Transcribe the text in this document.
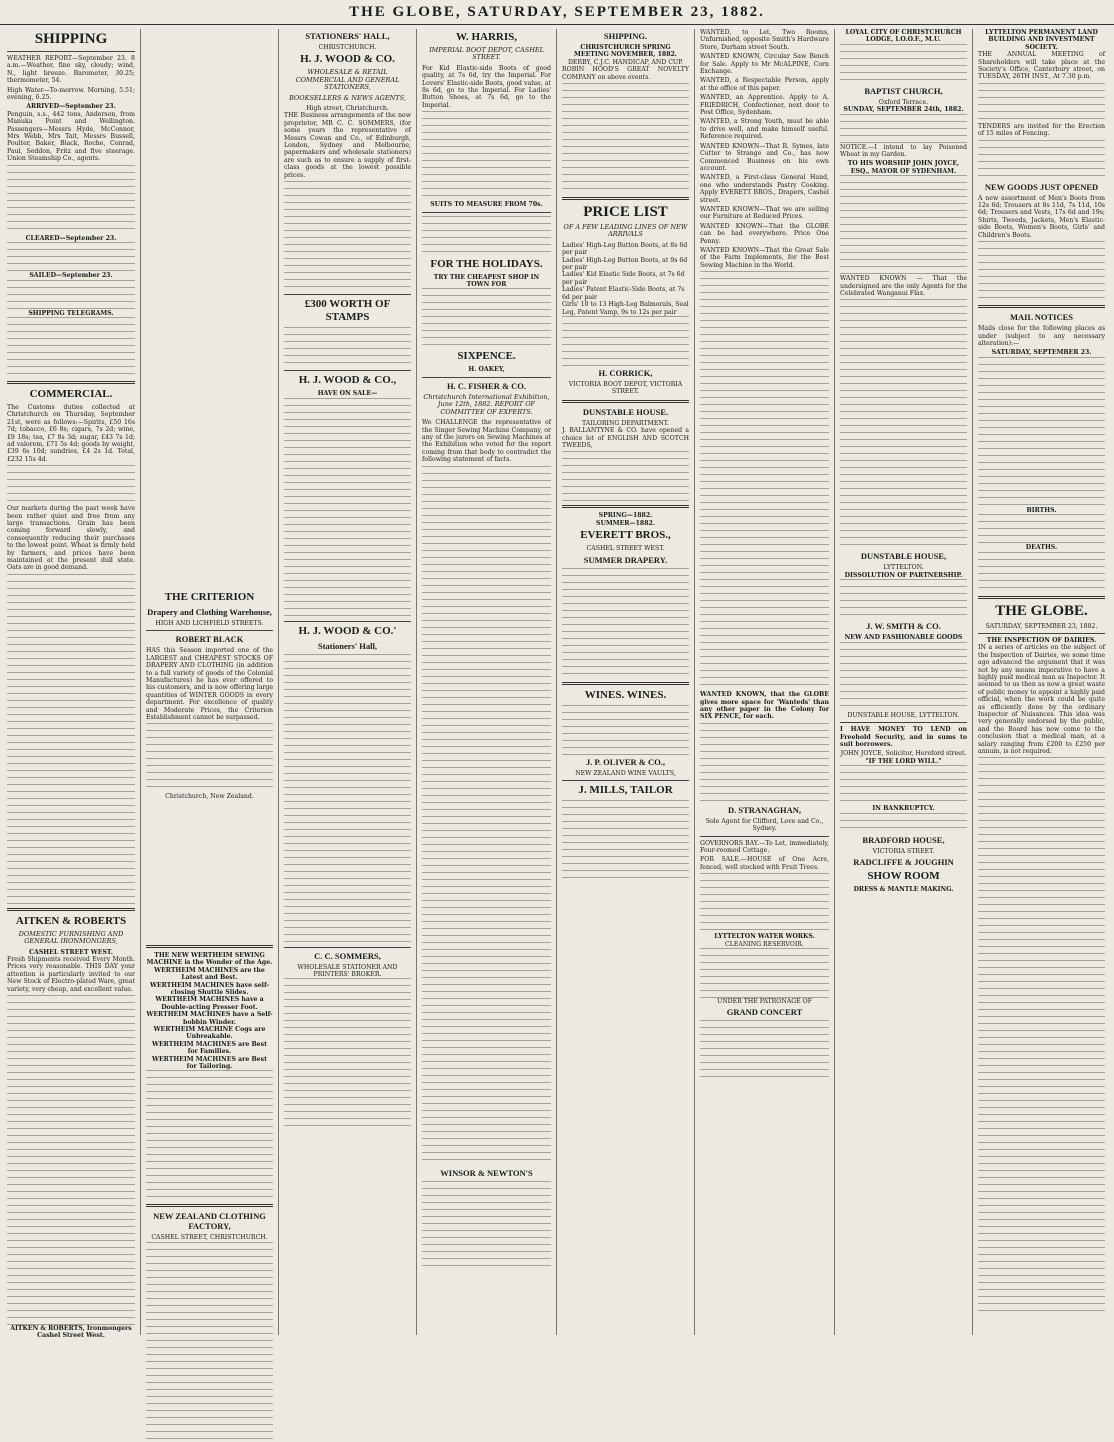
THE GLOBE, SATURDAY, SEPTEMBER 23, 1882.
SHIPPING

WEATHER REPORT—September 23. 8 a.m.—Weather, fine sky, cloudy; wind, N., light breeze. Barometer, 30.25; thermometer, 54.

High Water—To-morrow. Morning, 5.51; evening, 6.25.

ARRIVED—September 23.

Penguin, s.s., 442 tons, Anderson, from Manuka Point and Wellington. Passengers—Messrs Hyde, McConnor, Mrs Webb, Mrs Tait, Messrs Bussell, Poulter, Baker, Black, Roche, Conrad, Paul, Seddon, Fritz and five steerage. Union Steamship Co., agents.

CLEARED—September 23.
SAILED—September 23.
SHIPPING TELEGRAMS.
COMMERCIAL.

The Customs duties collected at Christchurch on Thursday, September 21st, were as follows:—Spirits, £50 16s 7d; tobacco, £6 8s; cigars, 7s 2d; wine, £9 18s; tea, £7 8s 3d; sugar, £43 7s 1d; ad valorem, £71 5s 4d; goods by weight, £39 6s 10d; sundries, £4 2s 1d. Total, £232 15s 4d.

Our markets during the past week have been rather quiet and free from any large transactions. Grain has been coming forward slowly, and consequently reducing their purchases to the lowest point. Wheat is firmly held by farmers, and prices have been maintained at the present dull state. Oats are in good demand.

AITKEN & ROBERTS
DOMESTIC FURNISHING AND GENERAL IRONMONGERS,
CASHEL STREET WEST.

Fresh Shipments received Every Month. Prices very reasonable. THIS DAY your attention is particularly invited to our New Stock of Electro-plated Ware, great variety, very cheap, and excellent value.

AITKEN & ROBERTS, Ironmongers Cashel Street West.
THE CRITERION
Drapery and Clothing Warehouse,
HIGH AND LICHFIELD STREETS.
ROBERT BLACK

HAS this Season imported one of the LARGEST and CHEAPEST STOCKS OF DRAPERY AND CLOTHING (in addition to a full variety of goods of the Colonial Manufactures) he has ever offered to his customers, and is now offering large quantities of WINTER GOODS in every department. For excellence of quality and Moderate Prices, the Criterion Establishment cannot be surpassed.

Christchurch, New Zealand.
THE NEW WERTHEIM SEWING MACHINE is the Wonder of the Age.
WERTHEIM MACHINES are the Latest and Best.
WERTHEIM MACHINES have self-closing Shuttle Slides.
WERTHEIM MACHINES have a Double-acting Presser Foot.
WERTHEIM MACHINES have a Self-bobbin Winder.
WERTHEIM MACHINE Cogs are Unbreakable.
WERTHEIM MACHINES are Best for Families.
WERTHEIM MACHINES are Best for Tailoring.
NEW ZEALAND CLOTHING FACTORY,
CASHEL STREET, CHRISTCHURCH.
STATIONERS' HALL,
CHRISTCHURCH.
H. J. WOOD & CO.
WHOLESALE & RETAIL COMMERCIAL AND GENERAL STATIONERS,
BOOKSELLERS & NEWS AGENTS,
High street, Christchurch.

THE Business arrangements of the new proprietor, MR C. C. SOMMERS, (for some years the representative of Messrs Cowan and Co., of Edinburgh, London, Sydney and Melbourne, papermakers and wholesale stationers) are such as to ensure a supply of first-class goods at the lowest possible prices.

£300 WORTH OF STAMPS
H. J. WOOD & CO.,
HAVE ON SALE—
H. J. WOOD & CO.'
Stationers' Hall,
C. C. SOMMERS,
WHOLESALE STATIONER AND PRINTERS' BROKER.
W. HARRIS,
IMPERIAL BOOT DEPOT, CASHEL STREET.

For Kid Elastic-side Boots of good quality, at 7s 6d, try the Imperial. For Lovers' Elastic-side Boots, good value, at 8s 6d, go to the Imperial. For Ladies' Button Shoes, at 7s 6d, go to the Imperial.

SUITS TO MEASURE FROM 70s.
FOR THE HOLIDAYS.
TRY THE CHEAPEST SHOP IN TOWN FOR
SIXPENCE.
H. OAKEY,
H. C. FISHER & CO.
Christchurch International Exhibition, June 12th, 1882. REPORT OF COMMITTEE OF EXPERTS.

We CHALLENGE the representative of the Singer Sewing Machine Company, or any of the jurors on Sewing Machines at the Exhibition who voted for the report coming from that body to contradict the following statement of facts.

WINSOR & NEWTON'S
SHIPPING.
CHRISTCHURCH SPRING MEETING NOVEMBER, 1882.
DERBY, C.J.C. HANDICAP, AND CUP.

ROBIN HOOD'S GREAT NOVELTY COMPANY on above events.

PRICE LIST
OF A FEW LEADING LINES OF NEW ARRIVALS
Ladies' High-Leg Button Boots, at 8s 6d per pair
Ladies' High-Leg Button Boots, at 9s 6d per pair
Ladies' Kid Elastic Side Boots, at 7s 6d per pair
Ladies' Patent Elastic-Side Boots, at 7s 6d per pair
Girls' 10 to 13 High-Leg Balmorals, Seal Leg, Patent Vamp, 9s to 12s per pair
H. CORRICK,
VICTORIA BOOT DEPOT, VICTORIA STREET.
DUNSTABLE HOUSE.
TAILORING DEPARTMENT.

J. BALLANTYNE & CO. have opened a choice lot of ENGLISH AND SCOTCH TWEEDS,

SPRING—1882.
SUMMER—1882.
EVERETT BROS.,
CASHEL STREET WEST.
SUMMER DRAPERY.
WINES. WINES.
J. P. OLIVER & CO.,
NEW ZEALAND WINE VAULTS,
J. MILLS, TAILOR

WANTED, to Let, Two Rooms, Unfurnished, opposite Smith's Hardware Store, Durham street South.

WANTED KNOWN, Circular Saw Bench for Sale. Apply to Mr McALPINE, Corn Exchange.

WANTED, a Respectable Person, apply at the office of this paper.

WANTED, an Apprentice. Apply to A. FRIEDRICH, Confectioner, next door to Post Office, Sydenham.

WANTED, a Strong Youth, must be able to drive well, and make himself useful. Reference required.

WANTED KNOWN—That R. Symes, late Cutter to Strange and Co., has now Commenced Business on his own account.

WANTED, a First-class General Hand, one who understands Pastry Cooking. Apply EVERETT BROS., Drapers, Cashel street.

WANTED KNOWN—That we are selling our Furniture at Reduced Prices.

WANTED KNOWN—That the GLOBE can be had everywhere. Price One Penny.

WANTED KNOWN—That the Great Sale of the Farm Implements, for the Best Sewing Machine in the World.

WANTED KNOWN, that the GLOBE gives more space for 'Wanteds' than any other paper in the Colony for SIX PENCE, for each.

D. STRANAGHAN,
Sole Agent for Clifford, Love and Co., Sydney.

GOVERNORS BAY.—To Let, immediately, Four-roomed Cottage.

FOR SALE.—HOUSE of One Acre, fenced, well stocked with Fruit Trees.

LYTTELTON WATER WORKS.
CLEANING RESERVOIR.
UNDER THE PATRONAGE OF
GRAND CONCERT
LOYAL CITY OF CHRISTCHURCH LODGE, I.O.O.F., M.U.
BAPTIST CHURCH,
Oxford Terrace.
SUNDAY, SEPTEMBER 24th, 1882.

NOTICE.—I intend to lay Poisoned Wheat in my Garden.

TO HIS WORSHIP JOHN JOYCE, ESQ., MAYOR OF SYDENHAM.

WANTED KNOWN — That the undersigned are the only Agents for the Celebrated Wanganui Flax.

DUNSTABLE HOUSE,
LYTTELTON.
DISSOLUTION OF PARTNERSHIP.
J. W. SMITH & CO.
NEW AND FASHIONABLE GOODS
DUNSTABLE HOUSE, LYTTELTON.

I HAVE MONEY TO LEND on Freehold Security, and in sums to suit borrowers.

JOHN JOYCE, Solicitor, Hereford street.
"IF THE LORD WILL."
IN BANKRUPTCY.
BRADFORD HOUSE,
VICTORIA STREET.
RADCLIFFE & JOUGHIN
SHOW ROOM
DRESS & MANTLE MAKING.
LYTTELTON PERMANENT LAND BUILDING AND INVESTMENT SOCIETY.

THE ANNUAL MEETING of Shareholders will take place at the Society's Office, Canterbury street, on TUESDAY, 26TH INST., At 7.30 p.m.

TENDERS are invited for the Erection of 15 miles of Fencing.

NEW GOODS JUST OPENED

A new assortment of Men's Boots from 12s 6d; Trousers at 8s 11d, 7s 11d, 10s 6d; Trousers and Vests, 17s 6d and 19s; Shirts, Tweeds, Jackets, Men's Elastic-side Boots, Women's Boots, Girls' and Children's Boots.

MAIL NOTICES

Mails close for the following places as under (subject to any necessary alteration):—

SATURDAY, SEPTEMBER 23.
BIRTHS.
DEATHS.
THE GLOBE.
SATURDAY, SEPTEMBER 23, 1882.
THE INSPECTION OF DAIRIES.

IN a series of articles on the subject of the Inspection of Dairies, we some time ago advanced the argument that it was not by any means imperative to have a highly paid medical man as Inspector. It seemed to us then as now a great waste of public money to appoint a highly paid official, when the work could be quite as efficiently done by the ordinary Inspector of Nuisances. This idea was very generally endorsed by the public, and the Board has now come to the conclusion that a medical man, at a salary ranging from £200 to £250 per annum, is not required.
